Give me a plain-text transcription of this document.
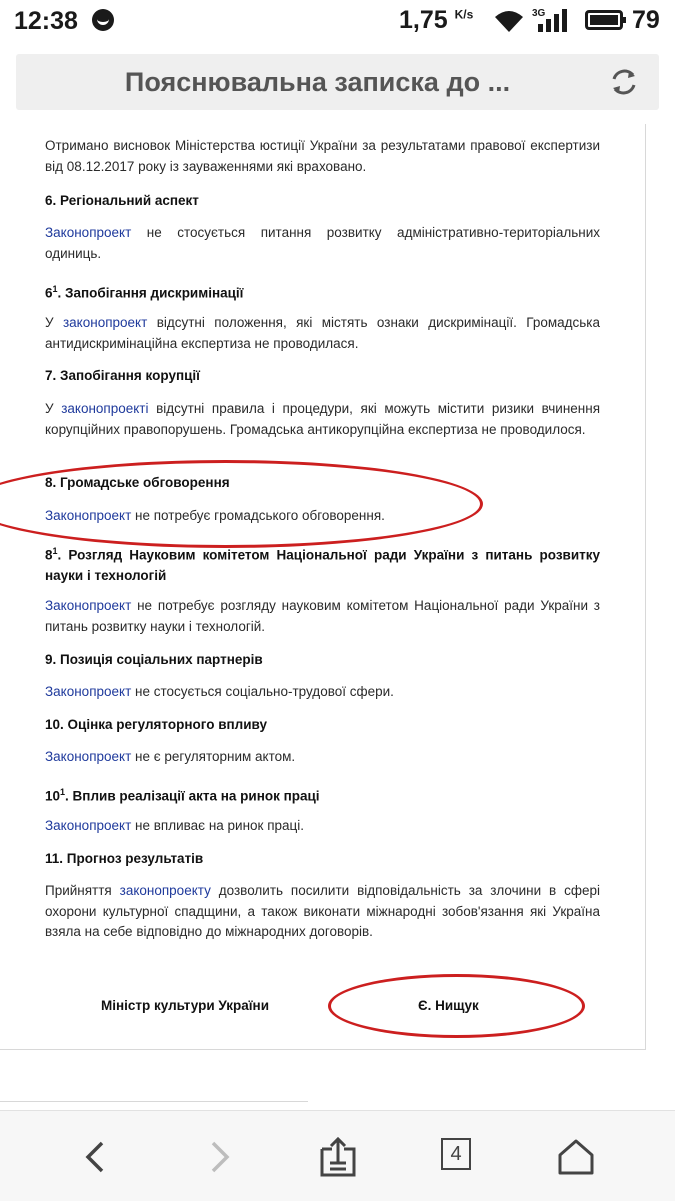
12:38	1,75 $^{K/s}$	3G	79
Пояснювальна записка до ...

Отримано висновок Міністерства юстиції України за результатами правової експертизи від 08.12.2017 року із зауваженнями які враховано.

6. Регіональний аспект

Законопроект не стосується питання розвитку адміністративно-територіальних одиниць.

$6^1$. Запобігання дискримінації

У законопроект відсутні положення, які містять ознаки дискримінації. Громадська антидискримінаційна експертиза не проводилася.

7. Запобігання корупції

У законопроекті відсутні правила і процедури, які можуть містити ризики вчинення корупційних правопорушень. Громадська антикорупційна експертиза не проводилося.

8. Громадське обговорення

Законопроект не потребує громадського обговорення.

$8^1$. Розгляд Науковим комітетом Національної ради України з питань розвитку науки і технологій

Законопроект не потребує розгляду науковим комітетом Національної ради України з питань розвитку науки і технологій.

9. Позиція соціальних партнерів

Законопроект не стосується соціально-трудової сфери.

10. Оцінка регуляторного впливу

Законопроект не є регуляторним актом.

$10^1$. Вплив реалізації акта на ринок праці

Законопроект не впливає на ринок праці.

11. Прогноз результатів

Прийняття законопроекту дозволить посилити відповідальність за злочини в сфері охорони культурної спадщини, а також виконати міжнародні зобов'язання які Україна взяла на себе відповідно до міжнародних договорів.

Міністр культури України	Є. Нищук
4
